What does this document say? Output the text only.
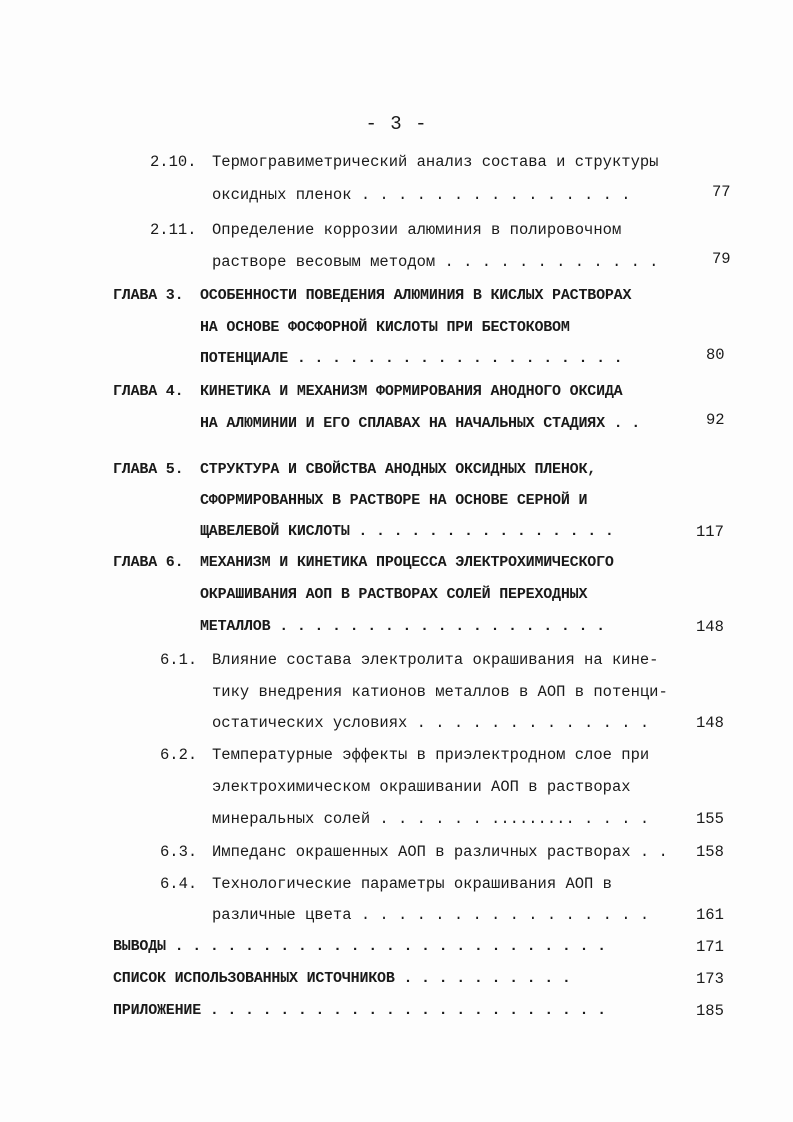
- 3 -
2.10. Термогравиметрический анализ состава и структуры
оксидных пленок . . . . . . . . . . . . . . .	77
2.11. Определение коррозии алюминия в полировочном
растворе весовым методом . . . . . . . . . . . .	79
ГЛАВА 3. ОСОБЕННОСТИ ПОВЕДЕНИЯ АЛЮМИНИЯ В КИСЛЫХ РАСТВОРАХ
НА ОСНОВЕ ФОСФОРНОЙ КИСЛОТЫ ПРИ БЕСТОКОВОМ
ПОТЕНЦИАЛЕ . . . . . . . . . . . . . . . . . . .	80
ГЛАВА 4. КИНЕТИКА И МЕХАНИЗМ ФОРМИРОВАНИЯ АНОДНОГО ОКСИДА
НА АЛЮМИНИИ И ЕГО СПЛАВАХ НА НАЧАЛЬНЫХ СТАДИЯХ . .	92
ГЛАВА 5. СТРУКТУРА И СВОЙСТВА АНОДНЫХ ОКСИДНЫХ ПЛЕНОК,
СФОРМИРОВАННЫХ В РАСТВОРЕ НА ОСНОВЕ СЕРНОЙ И
ЩАВЕЛЕВОЙ КИСЛОТЫ . . . . . . . . . . . . . . .	117
ГЛАВА 6. МЕХАНИЗМ И КИНЕТИКА ПРОЦЕССА ЭЛЕКТРОХИМИЧЕСКОГО
ОКРАШИВАНИЯ АОП В РАСТВОРАХ СОЛЕЙ ПЕРЕХОДНЫХ
МЕТАЛЛОВ . . . . . . . . . . . . . . . . . . .	148
6.1. Влияние состава электролита окрашивания на кине-
тику внедрения катионов металлов в АОП в потенци-
остатических условиях . . . . . . . . . . . . .	148
6.2. Температурные эффекты в приэлектродном слое при
электрохимическом окрашивании АОП в растворах
минеральных солей . . . . . . ......... . . . .	155
6.3. Импеданс окрашенных АОП в различных растворах . . 158
6.4. Технологические параметры окрашивания АОП в
различные цвета . . . . . . . . . . . . . . . .	161
ВЫВОДЫ . . . . . . . . . . . . . . . . . . . . . . . . .	171
СПИСОК ИСПОЛЬЗОВАННЫХ ИСТОЧНИКОВ . . . . . . . . . .	173
ПРИЛОЖЕНИЕ . . . . . . . . . . . . . . . . . . . . . . .	185
